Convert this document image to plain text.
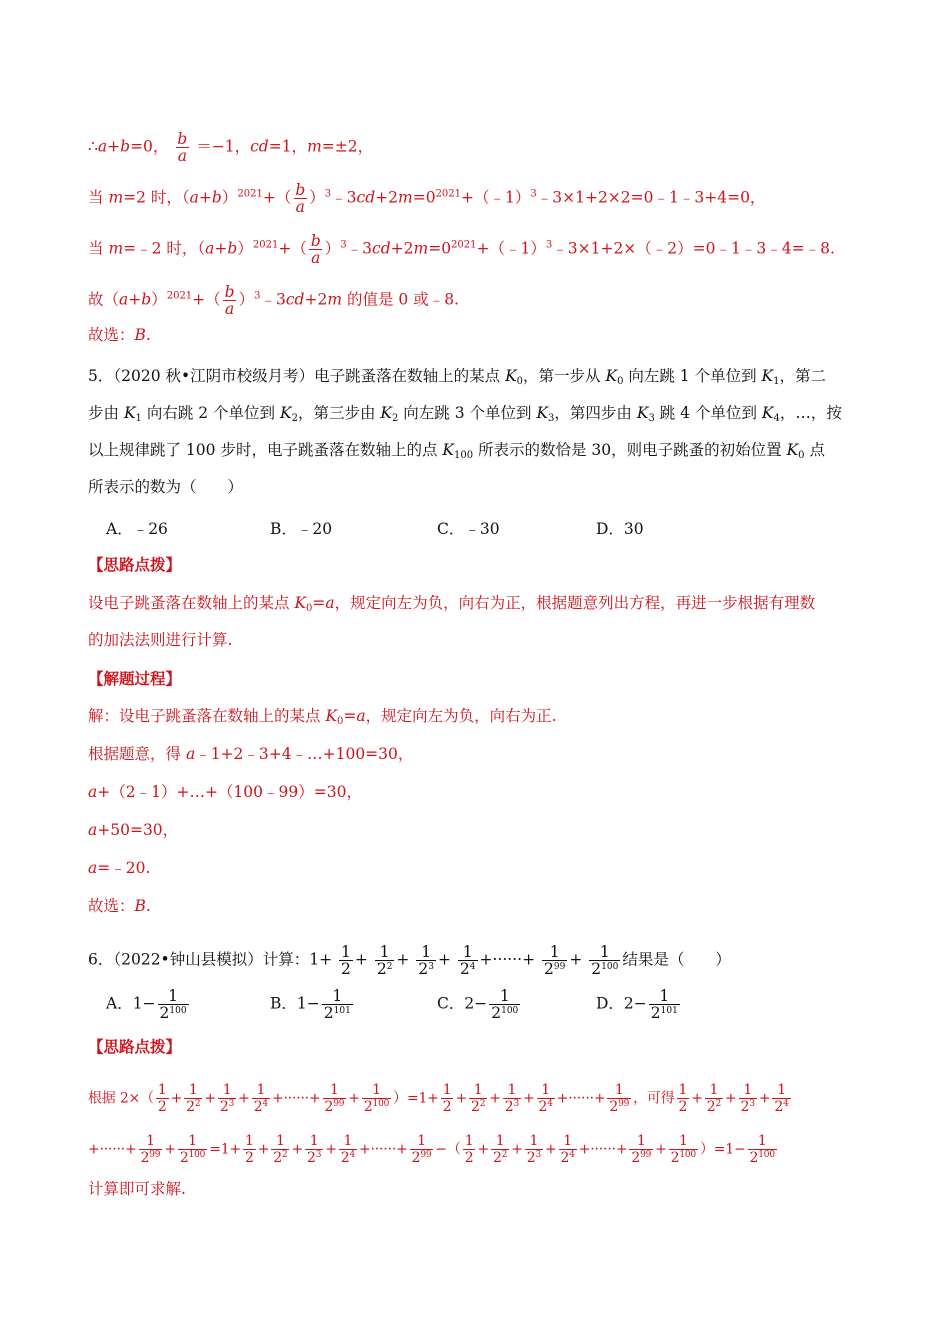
∴a+b=0， $\frac{b}{a} =-1$，cd=1，m=±2，
当 m=2 时，$(a+b)^{2021}+( \frac{b}{a}$ ）$^3﹣3cd+2m=0^{2021}+(﹣1)^3﹣3\times 1+2\times 2=0﹣1﹣3+4=0$，
当 m=﹣2 时，$(a+b)^{2021}+( \frac{b}{a}$ ）$^3﹣3cd+2m=0^{2021}+(﹣1)^3﹣3\times 1+2\times(﹣2)=0﹣1﹣3﹣4=﹣8$.
故$(a+b)^{2021}+( \frac{b}{a}$ ）$^3﹣3cd+2m$ 的值是 0 或﹣8.
故选：B.
5．（2020 秋•江阴市校级月考）电子跳蚤落在数轴上的某点 $K_0$，第一步从 $K_0$ 向左跳 1 个单位到 $K_1$，第二
步由 $K_1$ 向右跳 2 个单位到 $K_2$，第三步由 $K_2$ 向左跳 3 个单位到 $K_3$，第四步由 $K_3$ 跳 4 个单位到 $K_4$，…，按
以上规律跳了 100 步时，电子跳蚤落在数轴上的点 $K_{100}$ 所表示的数恰是 30，则电子跳蚤的初始位置 $K_0$ 点
所表示的数为（　　）
A．﹣26	B．﹣20	C．﹣30	D．30
【思路点拨】
设电子跳蚤落在数轴上的某点 $K_0=a$，规定向左为负，向右为正，根据题意列出方程，再进一步根据有理数
的加法法则进行计算.
【解题过程】
解：设电子跳蚤落在数轴上的某点 $K_0=a$，规定向左为负，向右为正.
根据题意，得 a﹣1+2﹣3+4﹣…+100=30，
a+（2﹣1）+…+（100﹣99）=30，
a+50=30，
a=﹣20.
故选：B.
6．（2022•钟山县模拟）计算：$1+ \frac{1}{2} + \frac{1}{2^2} + \frac{1}{2^3} + \frac{1}{2^4}$ +······+ $\frac{1}{2^{99}} + \frac{1}{2^{100}}$ 结果是（　　）
A．$1- \frac{1}{2^{100}}$	B．$1- \frac{1}{2^{101}}$	C．$2- \frac{1}{2^{100}}$	D．$2- \frac{1}{2^{101}}$
【思路点拨】
根据 $2\times( \frac{1}{2} + \frac{1}{2^2} + \frac{1}{2^3} + \frac{1}{2^4}$ +······+ $\frac{1}{2^{99}} + \frac{1}{2^{100}} )=1+ \frac{1}{2} + \frac{1}{2^2} + \frac{1}{2^3} + \frac{1}{2^4}$ +······+ $\frac{1}{2^{99}}$ ，可得 $\frac{1}{2} + \frac{1}{2^2} + \frac{1}{2^3} + \frac{1}{2^4}$
+······+ $\frac{1}{2^{99}} + \frac{1}{2^{100}} =1+ \frac{1}{2} + \frac{1}{2^2} + \frac{1}{2^3} + \frac{1}{2^4}$ +······+ $\frac{1}{2^{99}}$ −（ $\frac{1}{2} + \frac{1}{2^2} + \frac{1}{2^3} + \frac{1}{2^4}$ +······+ $\frac{1}{2^{99}} + \frac{1}{2^{100}} )=1- \frac{1}{2^{100}}$
计算即可求解.
